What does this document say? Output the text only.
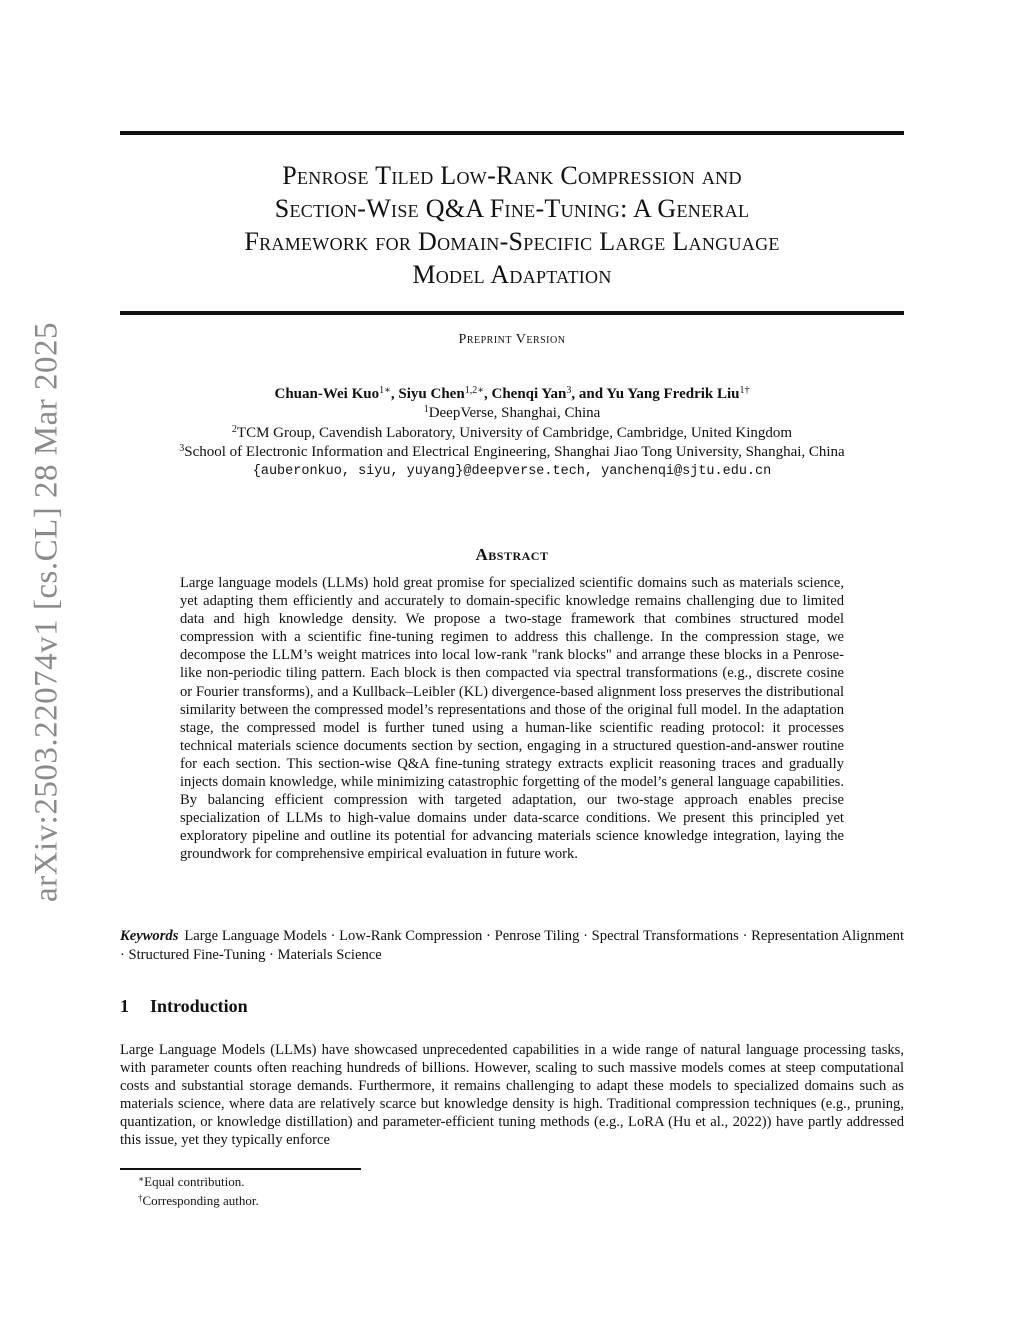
arXiv:2503.22074v1 [cs.CL] 28 Mar 2025
Penrose Tiled Low-Rank Compression and
Section-Wise Q&A Fine-Tuning: A General
Framework for Domain-Specific Large Language
Model Adaptation
Preprint Version
Chuan-Wei Kuo$^{1∗}$, Siyu Chen$^{1,2∗}$, Chenqi Yan$^3$, and Yu Yang Fredrik Liu$^{1\dagger}$
$^1$DeepVerse, Shanghai, China
$^2$TCM Group, Cavendish Laboratory, University of Cambridge, Cambridge, United Kingdom
$^3$School of Electronic Information and Electrical Engineering, Shanghai Jiao Tong University, Shanghai, China
{auberonkuo, siyu, yuyang}@deepverse.tech, yanchenqi@sjtu.edu.cn
Abstract

Large language models (LLMs) hold great promise for specialized scientific domains such as materials science, yet adapting them efficiently and accurately to domain-specific knowledge remains challenging due to limited data and high knowledge density. We propose a two-stage framework that combines structured model compression with a scientific fine-tuning regimen to address this challenge. In the compression stage, we decompose the LLM’s weight matrices into local low-rank "rank blocks" and arrange these blocks in a Penrose-like non-periodic tiling pattern. Each block is then compacted via spectral transformations (e.g., discrete cosine or Fourier transforms), and a Kullback–Leibler (KL) divergence-based alignment loss preserves the distributional similarity between the compressed model’s representations and those of the original full model. In the adaptation stage, the compressed model is further tuned using a human-like scientific reading protocol: it processes technical materials science documents section by section, engaging in a structured question-and-answer routine for each section. This section-wise Q&A fine-tuning strategy extracts explicit reasoning traces and gradually injects domain knowledge, while minimizing catastrophic forgetting of the model’s general language capabilities. By balancing efficient compression with targeted adaptation, our two-stage approach enables precise specialization of LLMs to high-value domains under data-scarce conditions. We present this principled yet exploratory pipeline and outline its potential for advancing materials science knowledge integration, laying the groundwork for comprehensive empirical evaluation in future work.

Keywords Large Language Models · Low-Rank Compression · Penrose Tiling · Spectral Transformations · Representation Alignment · Structured Fine-Tuning · Materials Science

1 Introduction

Large Language Models (LLMs) have showcased unprecedented capabilities in a wide range of natural language processing tasks, with parameter counts often reaching hundreds of billions. However, scaling to such massive models comes at steep computational costs and substantial storage demands. Furthermore, it remains challenging to adapt these models to specialized domains such as materials science, where data are relatively scarce but knowledge density is high. Traditional compression techniques (e.g., pruning, quantization, or knowledge distillation) and parameter-efficient tuning methods (e.g., LoRA (Hu et al., 2022)) have partly addressed this issue, yet they typically enforce

∗Equal contribution.
†Corresponding author.
